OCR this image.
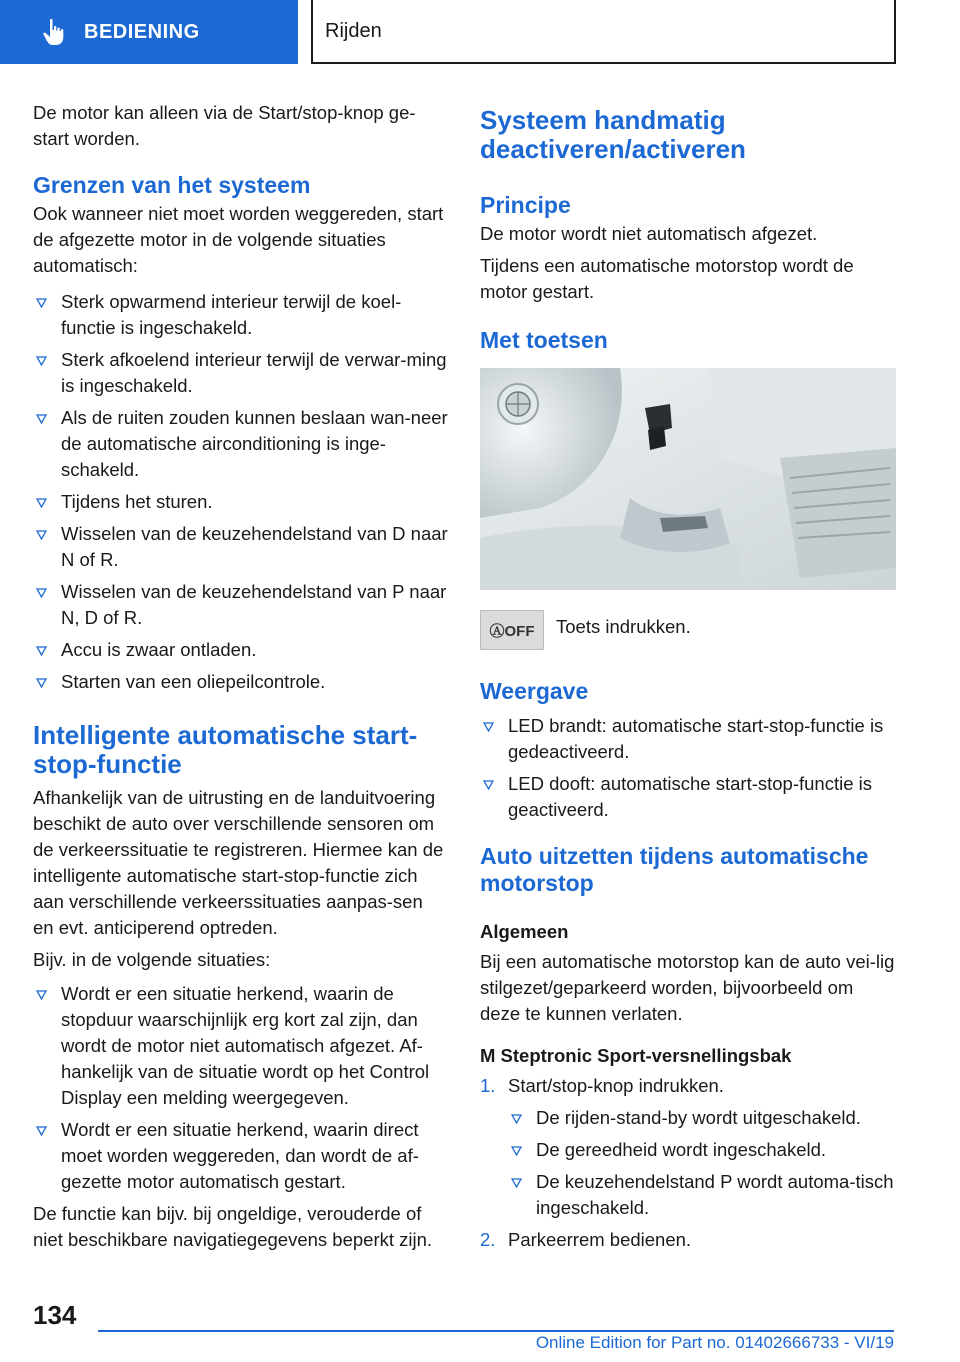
BEDIENING	Rijden

De motor kan alleen via de Start/stop-knop ge-start worden.

Grenzen van het systeem

Ook wanneer niet moet worden weggereden, start de afgezette motor in de volgende situaties automatisch:

Sterk opwarmend interieur terwijl de koel-functie is ingeschakeld.
Sterk afkoelend interieur terwijl de verwar-ming is ingeschakeld.
Als de ruiten zouden kunnen beslaan wan-neer de automatische airconditioning is inge-schakeld.
Tijdens het sturen.
Wisselen van de keuzehendelstand van D naar N of R.
Wisselen van de keuzehendelstand van P naar N, D of R.
Accu is zwaar ontladen.
Starten van een oliepeilcontrole.
Intelligente automatische start-stop-functie

Afhankelijk van de uitrusting en de landuitvoering beschikt de auto over verschillende sensoren om de verkeerssituatie te registreren. Hiermee kan de intelligente automatische start-stop-functie zich aan verschillende verkeerssituaties aanpas-sen en evt. anticiperend optreden.

Bijv. in de volgende situaties:

Wordt er een situatie herkend, waarin de stopduur waarschijnlijk erg kort zal zijn, dan wordt de motor niet automatisch afgezet. Af-hankelijk van de situatie wordt op het Control Display een melding weergegeven.
Wordt er een situatie herkend, waarin direct moet worden weggereden, dan wordt de af-gezette motor automatisch gestart.

De functie kan bijv. bij ongeldige, verouderde of niet beschikbare navigatiegegevens beperkt zijn.

Systeem handmatig deactiveren/activeren
Principe

De motor wordt niet automatisch afgezet.

Tijdens een automatische motorstop wordt de motor gestart.

Met toetsen
ⒶOFF Toets indrukken.

Weergave
LED brandt: automatische start-stop-functie is gedeactiveerd.
LED dooft: automatische start-stop-functie is geactiveerd.
Auto uitzetten tijdens automatische motorstop
Algemeen

Bij een automatische motorstop kan de auto vei-lig stilgezet/geparkeerd worden, bijvoorbeeld om deze te kunnen verlaten.

M Steptronic Sport-versnellingsbak
1. Start/stop-knop indrukken.
De rijden-stand-by wordt uitgeschakeld.
De gereedheid wordt ingeschakeld.
De keuzehendelstand P wordt automa-tisch ingeschakeld.
2. Parkeerrem bedienen.
134
Online Edition for Part no. 01402666733 - VI/19
